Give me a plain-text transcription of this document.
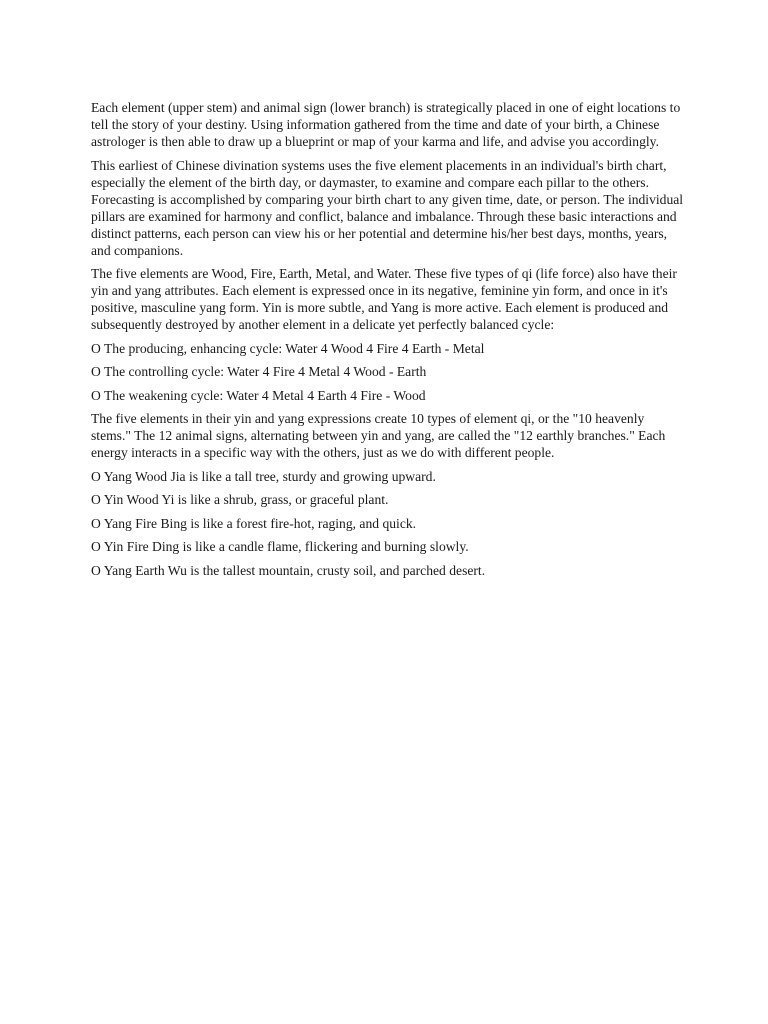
Each element (upper stem) and animal sign (lower branch) is strategically placed in one of eight locations to tell the story of your destiny. Using information gathered from the time and date of your birth, a Chinese astrologer is then able to draw up a blueprint or map of your karma and life, and advise you accordingly.

This earliest of Chinese divination systems uses the five element placements in an individual's birth chart, especially the element of the birth day, or daymaster, to examine and compare each pillar to the others. Forecasting is accomplished by comparing your birth chart to any given time, date, or person. The individual pillars are examined for harmony and conflict, balance and imbalance. Through these basic interactions and distinct patterns, each person can view his or her potential and determine his/her best days, months, years, and companions.

The five elements are Wood, Fire, Earth, Metal, and Water. These five types of qi (life force) also have their yin and yang attributes. Each element is expressed once in its negative, feminine yin form, and once in it's positive, masculine yang form. Yin is more subtle, and Yang is more active. Each element is produced and subsequently destroyed by another element in a delicate yet perfectly balanced cycle:

O The producing, enhancing cycle: Water 4 Wood 4 Fire 4 Earth - Metal

O The controlling cycle: Water 4 Fire 4 Metal 4 Wood - Earth

O The weakening cycle: Water 4 Metal 4 Earth 4 Fire - Wood

The five elements in their yin and yang expressions create 10 types of element qi, or the "10 heavenly stems." The 12 animal signs, alternating between yin and yang, are called the "12 earthly branches." Each energy interacts in a specific way with the others, just as we do with different people.

O Yang Wood Jia is like a tall tree, sturdy and growing upward.

O Yin Wood Yi is like a shrub, grass, or graceful plant.

O Yang Fire Bing is like a forest fire-hot, raging, and quick.

O Yin Fire Ding is like a candle flame, flickering and burning slowly.

O Yang Earth Wu is the tallest mountain, crusty soil, and parched desert.
